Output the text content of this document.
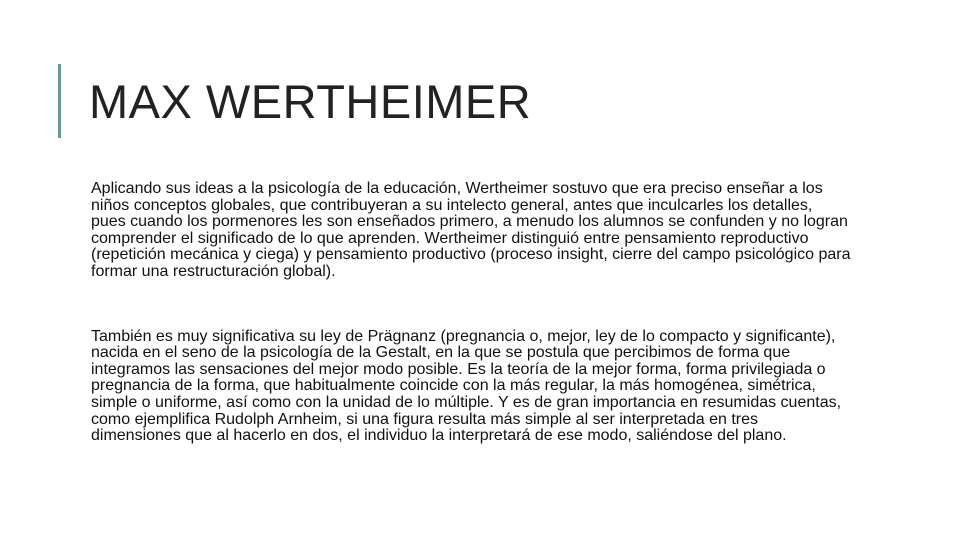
MAX WERTHEIMER

Aplicando sus ideas a la psicología de la educación, Wertheimer sostuvo que era preciso enseñar a los niños conceptos globales, que contribuyeran a su intelecto general, antes que inculcarles los detalles, pues cuando los pormenores les son enseñados primero, a menudo los alumnos se confunden y no logran comprender el significado de lo que aprenden. Wertheimer distinguió entre pensamiento reproductivo (repetición mecánica y ciega) y pensamiento productivo (proceso insight, cierre del campo psicológico para formar una restructuración global).

También es muy significativa su ley de Prägnanz (pregnancia o, mejor, ley de lo compacto y significante), nacida en el seno de la psicología de la Gestalt, en la que se postula que percibimos de forma que integramos las sensaciones del mejor modo posible. Es la teoría de la mejor forma, forma privilegiada o pregnancia de la forma, que habitualmente coincide con la más regular, la más homogénea, simétrica, simple o uniforme, así como con la unidad de lo múltiple. Y es de gran importancia en resumidas cuentas, como ejemplifica Rudolph Arnheim, si una figura resulta más simple al ser interpretada en tres dimensiones que al hacerlo en dos, el individuo la interpretará de ese modo, saliéndose del plano.
